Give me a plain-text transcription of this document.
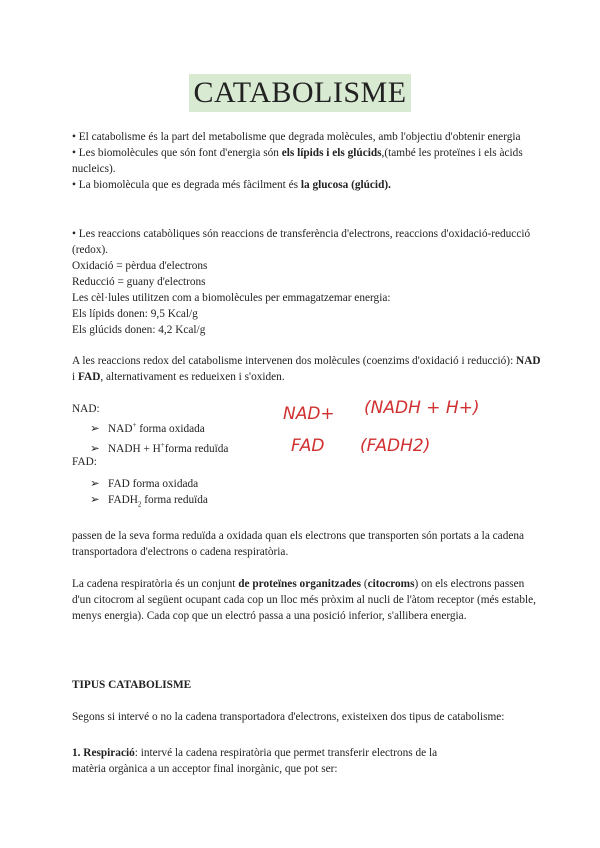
CATABOLISME

• El catabolisme és la part del metabolisme que degrada molècules, amb l'objectiu d'obtenir energia

• Les biomolècules que són font d'energia són els lípids i els glúcids,(també les proteïnes i els àcids nucleics).

• La biomolècula que es degrada més fàcilment és la glucosa (glúcid).

• Les reaccions catabòliques són reaccions de transferència d'electrons, reaccions d'oxidació-reducció (redox).

Oxidació = pèrdua d'electrons

Reducció = guany d'electrons

Les cèl·lules utilitzen com a biomolècules per emmagatzemar energia:

Els lípids donen: 9,5 Kcal/g

Els glúcids donen: 4,2 Kcal/g

A les reaccions redox del catabolisme intervenen dos molècules (coenzims d'oxidació i reducció): NAD i FAD, alternativament es redueixen i s'oxiden.

NAD:

➢ NAD+ forma oxidada

➢ NADH + H+forma reduïda

FAD:

➢ FAD forma oxidada

➢ $FADH_2$ forma reduïda

NAD+ (NADH + H+)
FAD (FADH2)

passen de la seva forma reduïda a oxidada quan els electrons que transporten són portats a la cadena transportadora d'electrons o cadena respiratòria.

La cadena respiratòria és un conjunt de proteïnes organitzades (citocroms) on els electrons passen d'un citocrom al següent ocupant cada cop un lloc més pròxim al nucli de l'àtom receptor (més estable, menys energia). Cada cop que un electró passa a una posició inferior, s'allibera energia.

TIPUS CATABOLISME

Segons si intervé o no la cadena transportadora d'electrons, existeixen dos tipus de catabolisme:

1. Respiració: intervé la cadena respiratòria que permet transferir electrons de la matèria orgànica a un acceptor final inorgànic, que pot ser:
